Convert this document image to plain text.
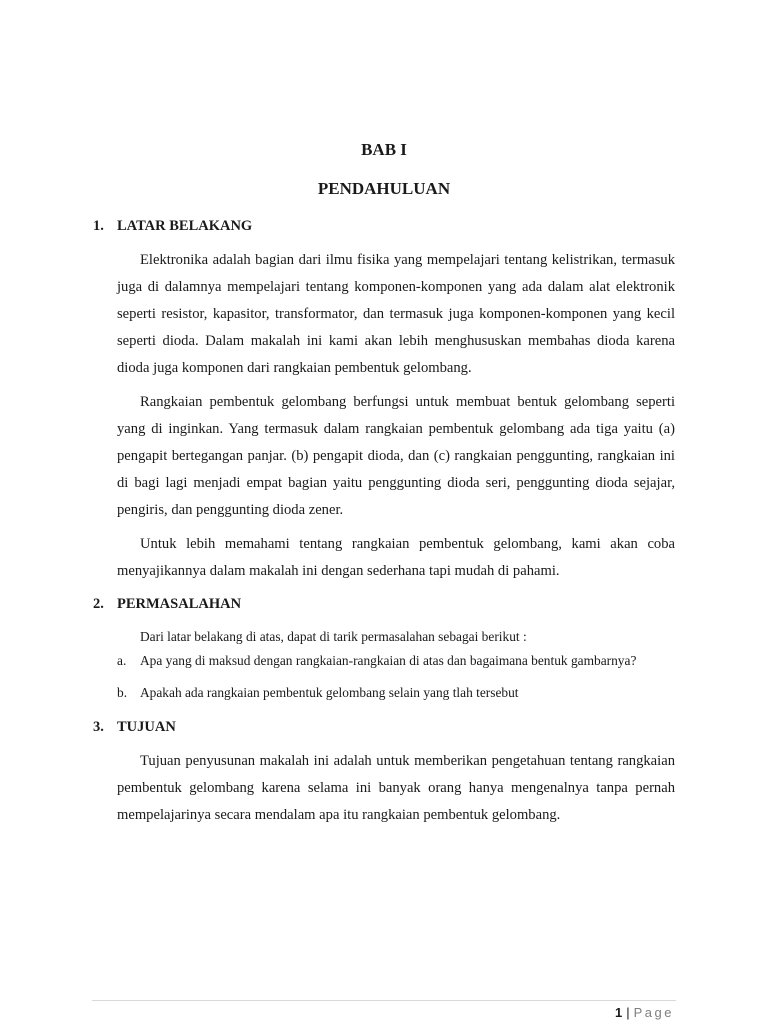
BAB I
PENDAHULUAN
1. LATAR BELAKANG

Elektronika adalah bagian dari ilmu fisika yang mempelajari tentang kelistrikan, termasuk juga di dalamnya mempelajari tentang komponen-komponen yang ada dalam alat elektronik seperti resistor, kapasitor, transformator, dan termasuk juga komponen-komponen yang kecil seperti dioda. Dalam makalah ini kami akan lebih menghususkan membahas dioda karena dioda juga komponen dari rangkaian pembentuk gelombang.

Rangkaian pembentuk gelombang berfungsi untuk membuat bentuk gelombang seperti yang di inginkan. Yang termasuk dalam rangkaian pembentuk gelombang ada tiga yaitu (a) pengapit bertegangan panjar. (b) pengapit dioda, dan (c) rangkaian penggunting, rangkaian ini di bagi lagi menjadi empat bagian yaitu penggunting dioda seri, penggunting dioda sejajar, pengiris, dan penggunting dioda zener.

Untuk lebih memahami tentang rangkaian pembentuk gelombang, kami akan coba menyajikannya dalam makalah ini dengan sederhana tapi mudah di pahami.

2. PERMASALAHAN

Dari latar belakang di atas, dapat di tarik permasalahan sebagai berikut :

a. Apa yang di maksud dengan rangkaian-rangkaian di atas dan bagaimana bentuk gambarnya?
b. Apakah ada rangkaian pembentuk gelombang selain yang tlah tersebut
3. TUJUAN

Tujuan penyusunan makalah ini adalah untuk memberikan pengetahuan tentang rangkaian pembentuk gelombang karena selama ini banyak orang hanya mengenalnya tanpa pernah mempelajarinya secara mendalam apa itu rangkaian pembentuk gelombang.

1 | Page
